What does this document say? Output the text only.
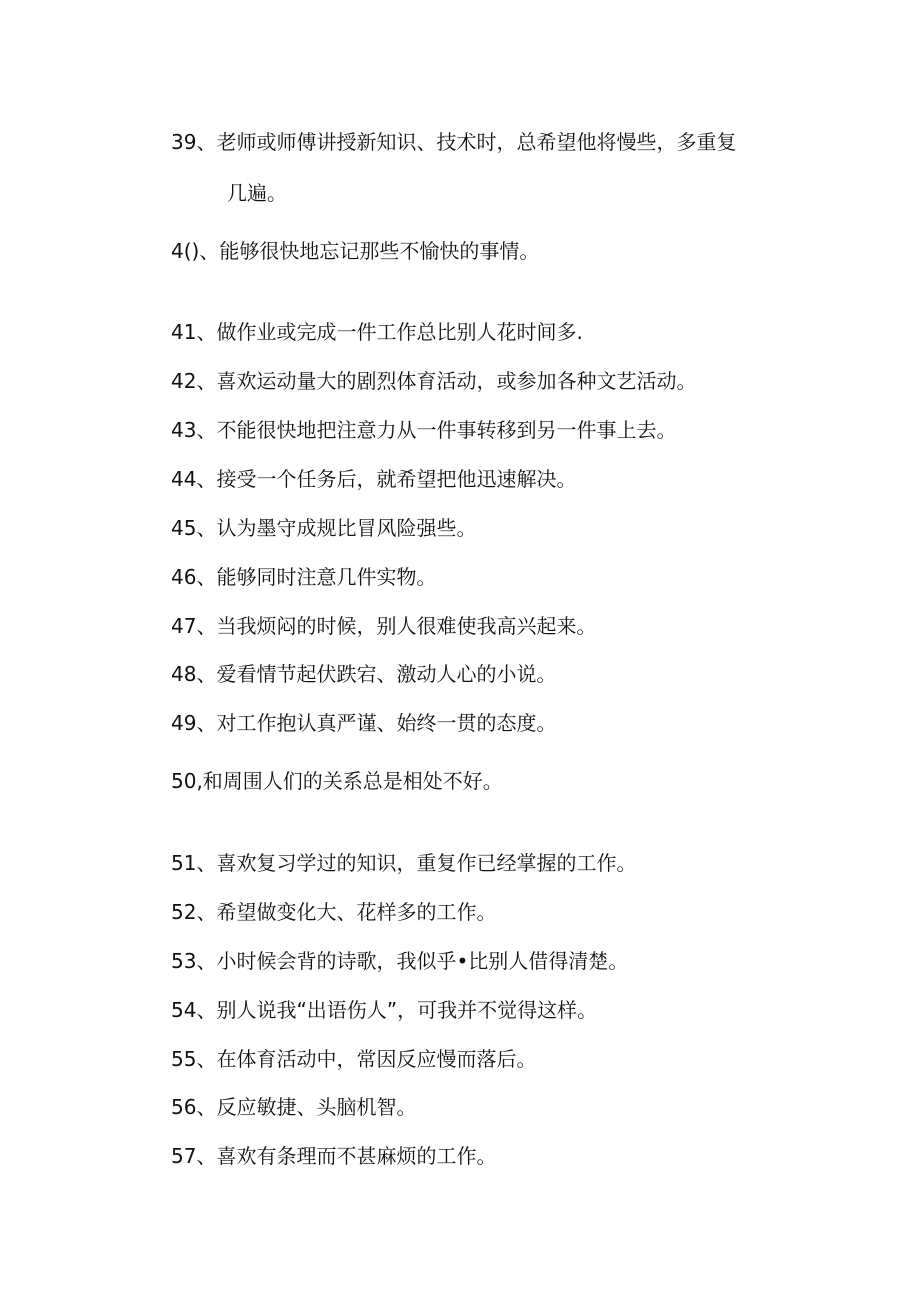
39、老师或师傅讲授新知识、技术时，总希望他将慢些，多重复
几遍。
4()、能够很快地忘记那些不愉快的事情。
41、做作业或完成一件工作总比别人花时间多.
42、喜欢运动量大的剧烈体育活动，或参加各种文艺活动。
43、不能很快地把注意力从一件事转移到另一件事上去。
44、接受一个任务后，就希望把他迅速解决。
45、认为墨守成规比冒风险强些。
46、能够同时注意几件实物。
47、当我烦闷的时候，别人很难使我高兴起来。
48、爱看情节起伏跌宕、激动人心的小说。
49、对工作抱认真严谨、始终一贯的态度。
50,和周围人们的关系总是相处不好。
51、喜欢复习学过的知识，重复作已经掌握的工作。
52、希望做变化大、花样多的工作。
53、小时候会背的诗歌，我似乎•比别人借得清楚。
54、别人说我“出语伤人”，可我并不觉得这样。
55、在体育活动中，常因反应慢而落后。
56、反应敏捷、头脑机智。
57、喜欢有条理而不甚麻烦的工作。
